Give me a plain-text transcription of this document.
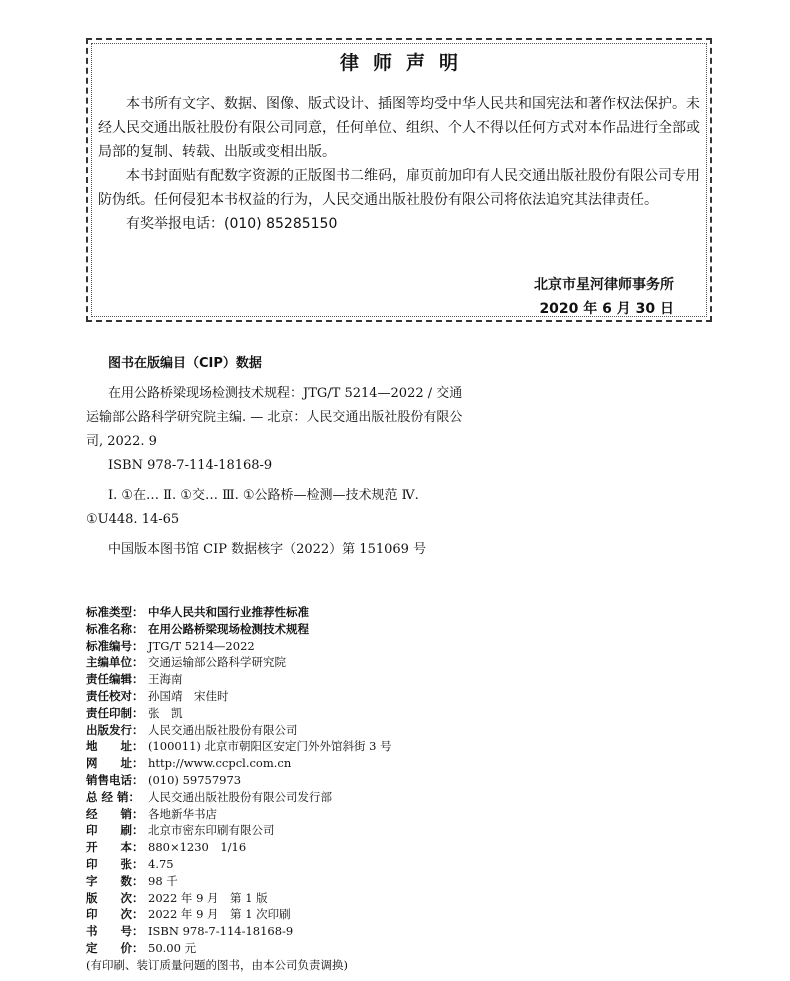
律师声明

本书所有文字、数据、图像、版式设计、插图等均受中华人民共和国宪法和著作权法保护。未经人民交通出版社股份有限公司同意，任何单位、组织、个人不得以任何方式对本作品进行全部或局部的复制、转载、出版或变相出版。

本书封面贴有配数字资源的正版图书二维码，扉页前加印有人民交通出版社股份有限公司专用防伪纸。任何侵犯本书权益的行为，人民交通出版社股份有限公司将依法追究其法律责任。

有奖举报电话：(010) 85285150

北京市星河律师事务所
2020 年 6 月 30 日

图书在版编目（CIP）数据

在用公路桥梁现场检测技术规程：JTG/T 5214—2022 / 交通运输部公路科学研究院主编. — 北京：人民交通出版社股份有限公司, 2022. 9

ISBN 978-7-114-18168-9

Ⅰ. ①在… Ⅱ. ①交… Ⅲ. ①公路桥—检测—技术规范 Ⅳ. ①U448. 14-65

中国版本图书馆 CIP 数据核字（2022）第 151069 号

标准类型： 中华人民共和国行业推荐性标准
标准名称： 在用公路桥梁现场检测技术规程
标准编号： JTG/T 5214—2022
主编单位： 交通运输部公路科学研究院
责任编辑： 王海南
责任校对： 孙国靖　宋佳时
责任印制： 张　凯
出版发行： 人民交通出版社股份有限公司
地　　址： (100011) 北京市朝阳区安定门外外馆斜街 3 号
网　　址： http://www.ccpcl.com.cn
销售电话： (010) 59757973
总 经 销： 人民交通出版社股份有限公司发行部
经　　销： 各地新华书店
印　　刷： 北京市密东印刷有限公司
开　　本： 880×1230　1/16
印　　张： 4.75
字　　数： 98 千
版　　次： 2022 年 9 月　第 1 版
印　　次： 2022 年 9 月　第 1 次印刷
书　　号： ISBN 978-7-114-18168-9
定　　价： 50.00 元
(有印刷、装订质量问题的图书，由本公司负责调换)
